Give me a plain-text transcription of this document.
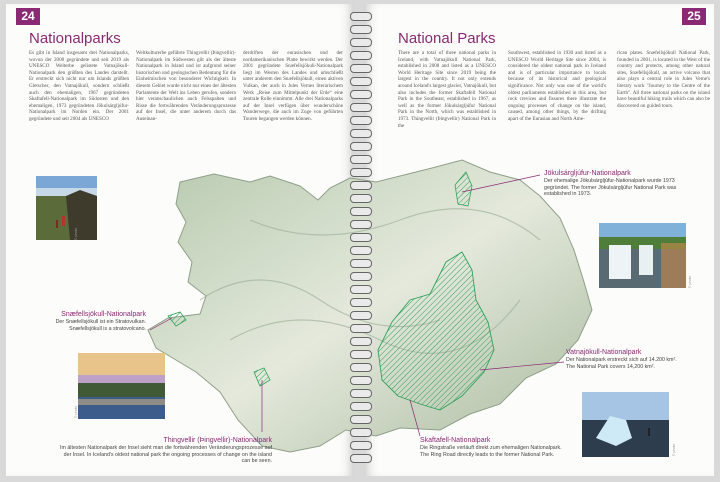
24
Nationalparks
Es gibt in Island insgesamt drei Nationalparks, wovon der 2008 gegründete und seit 2019 als UNESCO Welterbe gelistete Vatnajökull-Nationalpark den größten des Landes darstellt. Er erstreckt sich nicht nur um Islands größten Gletscher, den Vatnajökull, sondern schließt auch den ehemaligen, 1967 gegründeten Skaftafell-Nationalpark im Südosten und den ehemaligen, 1973 gegründeten Jökulsárgljúfur-Nationalpark im Norden ein. Der 2001 gegründete und seit 2004 als UNESCO
Weltkulturerbe geführte Thingvellir (Þingvellir)-Nationalpark im Südwesten gilt als der älteste Nationalpark in Island und ist aufgrund seiner historischen und geologischen Bedeutung für die Einheimischen von besonderer Wichtigkeit. In diesem Gebiet wurde nicht nur eines der ältesten Parlamente der Welt ins Leben gerufen, sondern hier veranschaulichen auch Felsspalten und Risse die fortwährenden Veränderungsprozesse auf der Insel, die unter anderem durch das Auseinan-
derdriften der eurasischen und der nordamerikanischen Platte bewirkt werden. Der 2001 gegründete Snæfellsjökull-Nationalpark liegt im Westen des Landes und umschließt unter anderem den Snæfellsjökull, einen aktiven Vulkan, der auch in Jules Vernes literarischem Werk „Reise zum Mittelpunkt der Erde“ eine zentrale Rolle einnimmt. Alle drei Nationalparks auf der Insel verfügen über wunderschöne Wanderwege, die auch im Zuge von geführten Touren begangen werden können.
25
National Parks
There are a total of three national parks in Iceland, with Vatnajökull National Park, established in 2008 and listed as a UNESCO World Heritage Site since 2019 being the largest in the country. It not only extends around Iceland's largest glacier, Vatnajökull, but also includes the former Skaftafell National Park in the Southeast, established in 1967, as well as the former Jökulsárgljúfur National Park in the North, which was established in 1973. Thingvellir (Þingvellir) National Park in the
Southwest, established in 1930 and listed as a UNESCO World Heritage Site since 2004, is considered the oldest national park in Iceland and is of particular importance to locals because of its historical and geological significance. Not only was one of the world's oldest parliaments established in this area, but rock crevices and fissures there illustrate the ongoing processes of change on the island, caused, among other things, by the drifting apart of the Eurasian and North Ame-
rican plates. Snæfellsjökull National Park, founded in 2001, is located in the West of the country and protects, among other natural sites, Snæfellsjökull, an active volcano that also plays a central role in Jules Verne's literary work "Journey to the Centre of the Earth". All three national parks on the island have beautiful hiking trails which can also be discovered on guided tours.
© photo
© photo
© photo
© photo
Jökulsárgljúfur-Nationalpark
Der ehemalige Jökulsárgljúfur-Nationalpark wurde 1973 gegründet. The former Jökulsárgljúfur National Park was established in 1973.
Snæfellsjökull-Nationalpark
Der Snæfellsjökull ist ein Stratovulkan. Snæfellsjökull is a stratovolcano.
Vatnajökull-Nationalpark
Der Nationalpark erstreckt sich auf 14.200 km². The National Park covers 14,200 km².
Thingvellir (Þingvellir)-Nationalpark
Im ältesten Nationalpark der Insel sieht man die fortwährenden Veränderungsprozesse auf der Insel. In Iceland's oldest national park the ongoing processes of change on the island can be seen.
Skaftafell-Nationalpark
Die Ringstraße verläuft direkt zum ehemaligen Nationalpark. The Ring Road directly leads to the former National Park.
